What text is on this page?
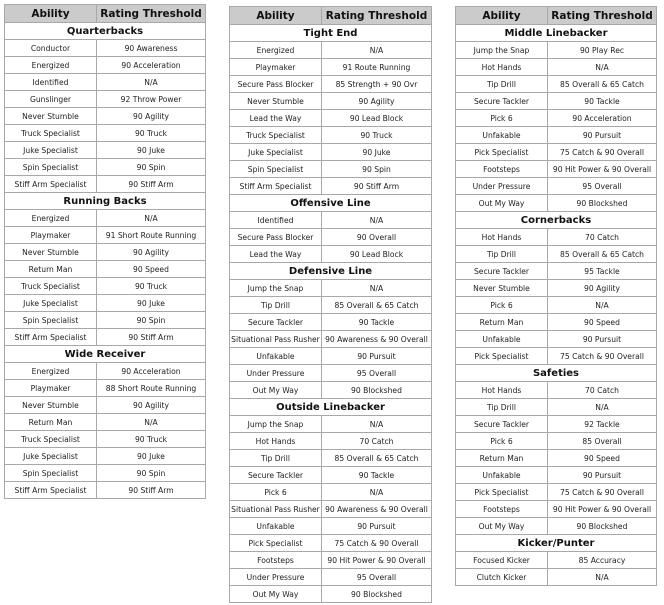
Ability	Rating Threshold
Quarterbacks	
Conductor	90 Awareness
Energized	90 Acceleration
Identified	N/A
Gunslinger	92 Throw Power
Never Stumble	90 Agility
Truck Specialist	90 Truck
Juke Specialist	90 Juke
Spin Specialist	90 Spin
Stiff Arm Specialist	90 Stiff Arm
Running Backs	
Energized	N/A
Playmaker	91 Short Route Running
Never Stumble	90 Agility
Return Man	90 Speed
Truck Specialist	90 Truck
Juke Specialist	90 Juke
Spin Specialist	90 Spin
Stiff Arm Specialist	90 Stiff Arm
Wide Receiver	
Energized	90 Acceleration
Playmaker	88 Short Route Running
Never Stumble	90 Agility
Return Man	N/A
Truck Specialist	90 Truck
Juke Specialist	90 Juke
Spin Specialist	90 Spin
Stiff Arm Specialist	90 Stiff Arm
Ability	Rating Threshold
Tight End	
Energized	N/A
Playmaker	91 Route Running
Secure Pass Blocker	85 Strength + 90 Ovr
Never Stumble	90 Agility
Lead the Way	90 Lead Block
Truck Specialist	90 Truck
Juke Specialist	90 Juke
Spin Specialist	90 Spin
Stiff Arm Specialist	90 Stiff Arm
Offensive Line	
Identified	N/A
Secure Pass Blocker	90 Overall
Lead the Way	90 Lead Block
Defensive Line	
Jump the Snap	N/A
Tip Drill	85 Overall & 65 Catch
Secure Tackler	90 Tackle
Situational Pass Rusher	90 Awareness & 90 Overall
Unfakable	90 Pursuit
Under Pressure	95 Overall
Out My Way	90 Blockshed
Outside Linebacker	
Jump the Snap	N/A
Hot Hands	70 Catch
Tip Drill	85 Overall & 65 Catch
Secure Tackler	90 Tackle
Pick 6	N/A
Situational Pass Rusher	90 Awareness & 90 Overall
Unfakable	90 Pursuit
Pick Specialist	75 Catch & 90 Overall
Footsteps	90 Hit Power & 90 Overall
Under Pressure	95 Overall
Out My Way	90 Blockshed
Ability	Rating Threshold
Middle Linebacker	
Jump the Snap	90 Play Rec
Hot Hands	N/A
Tip Drill	85 Overall & 65 Catch
Secure Tackler	90 Tackle
Pick 6	90 Acceleration
Unfakable	90 Pursuit
Pick Specialist	75 Catch & 90 Overall
Footsteps	90 Hit Power & 90 Overall
Under Pressure	95 Overall
Out My Way	90 Blockshed
Cornerbacks	
Hot Hands	70 Catch
Tip Drill	85 Overall & 65 Catch
Secure Tackler	95 Tackle
Never Stumble	90 Agility
Pick 6	N/A
Return Man	90 Speed
Unfakable	90 Pursuit
Pick Specialist	75 Catch & 90 Overall
Safeties	
Hot Hands	70 Catch
Tip Drill	N/A
Secure Tackler	92 Tackle
Pick 6	85 Overall
Return Man	90 Speed
Unfakable	90 Pursuit
Pick Specialist	75 Catch & 90 Overall
Footsteps	90 Hit Power & 90 Overall
Out My Way	90 Blockshed
Kicker/Punter	
Focused Kicker	85 Accuracy
Clutch Kicker	N/A
